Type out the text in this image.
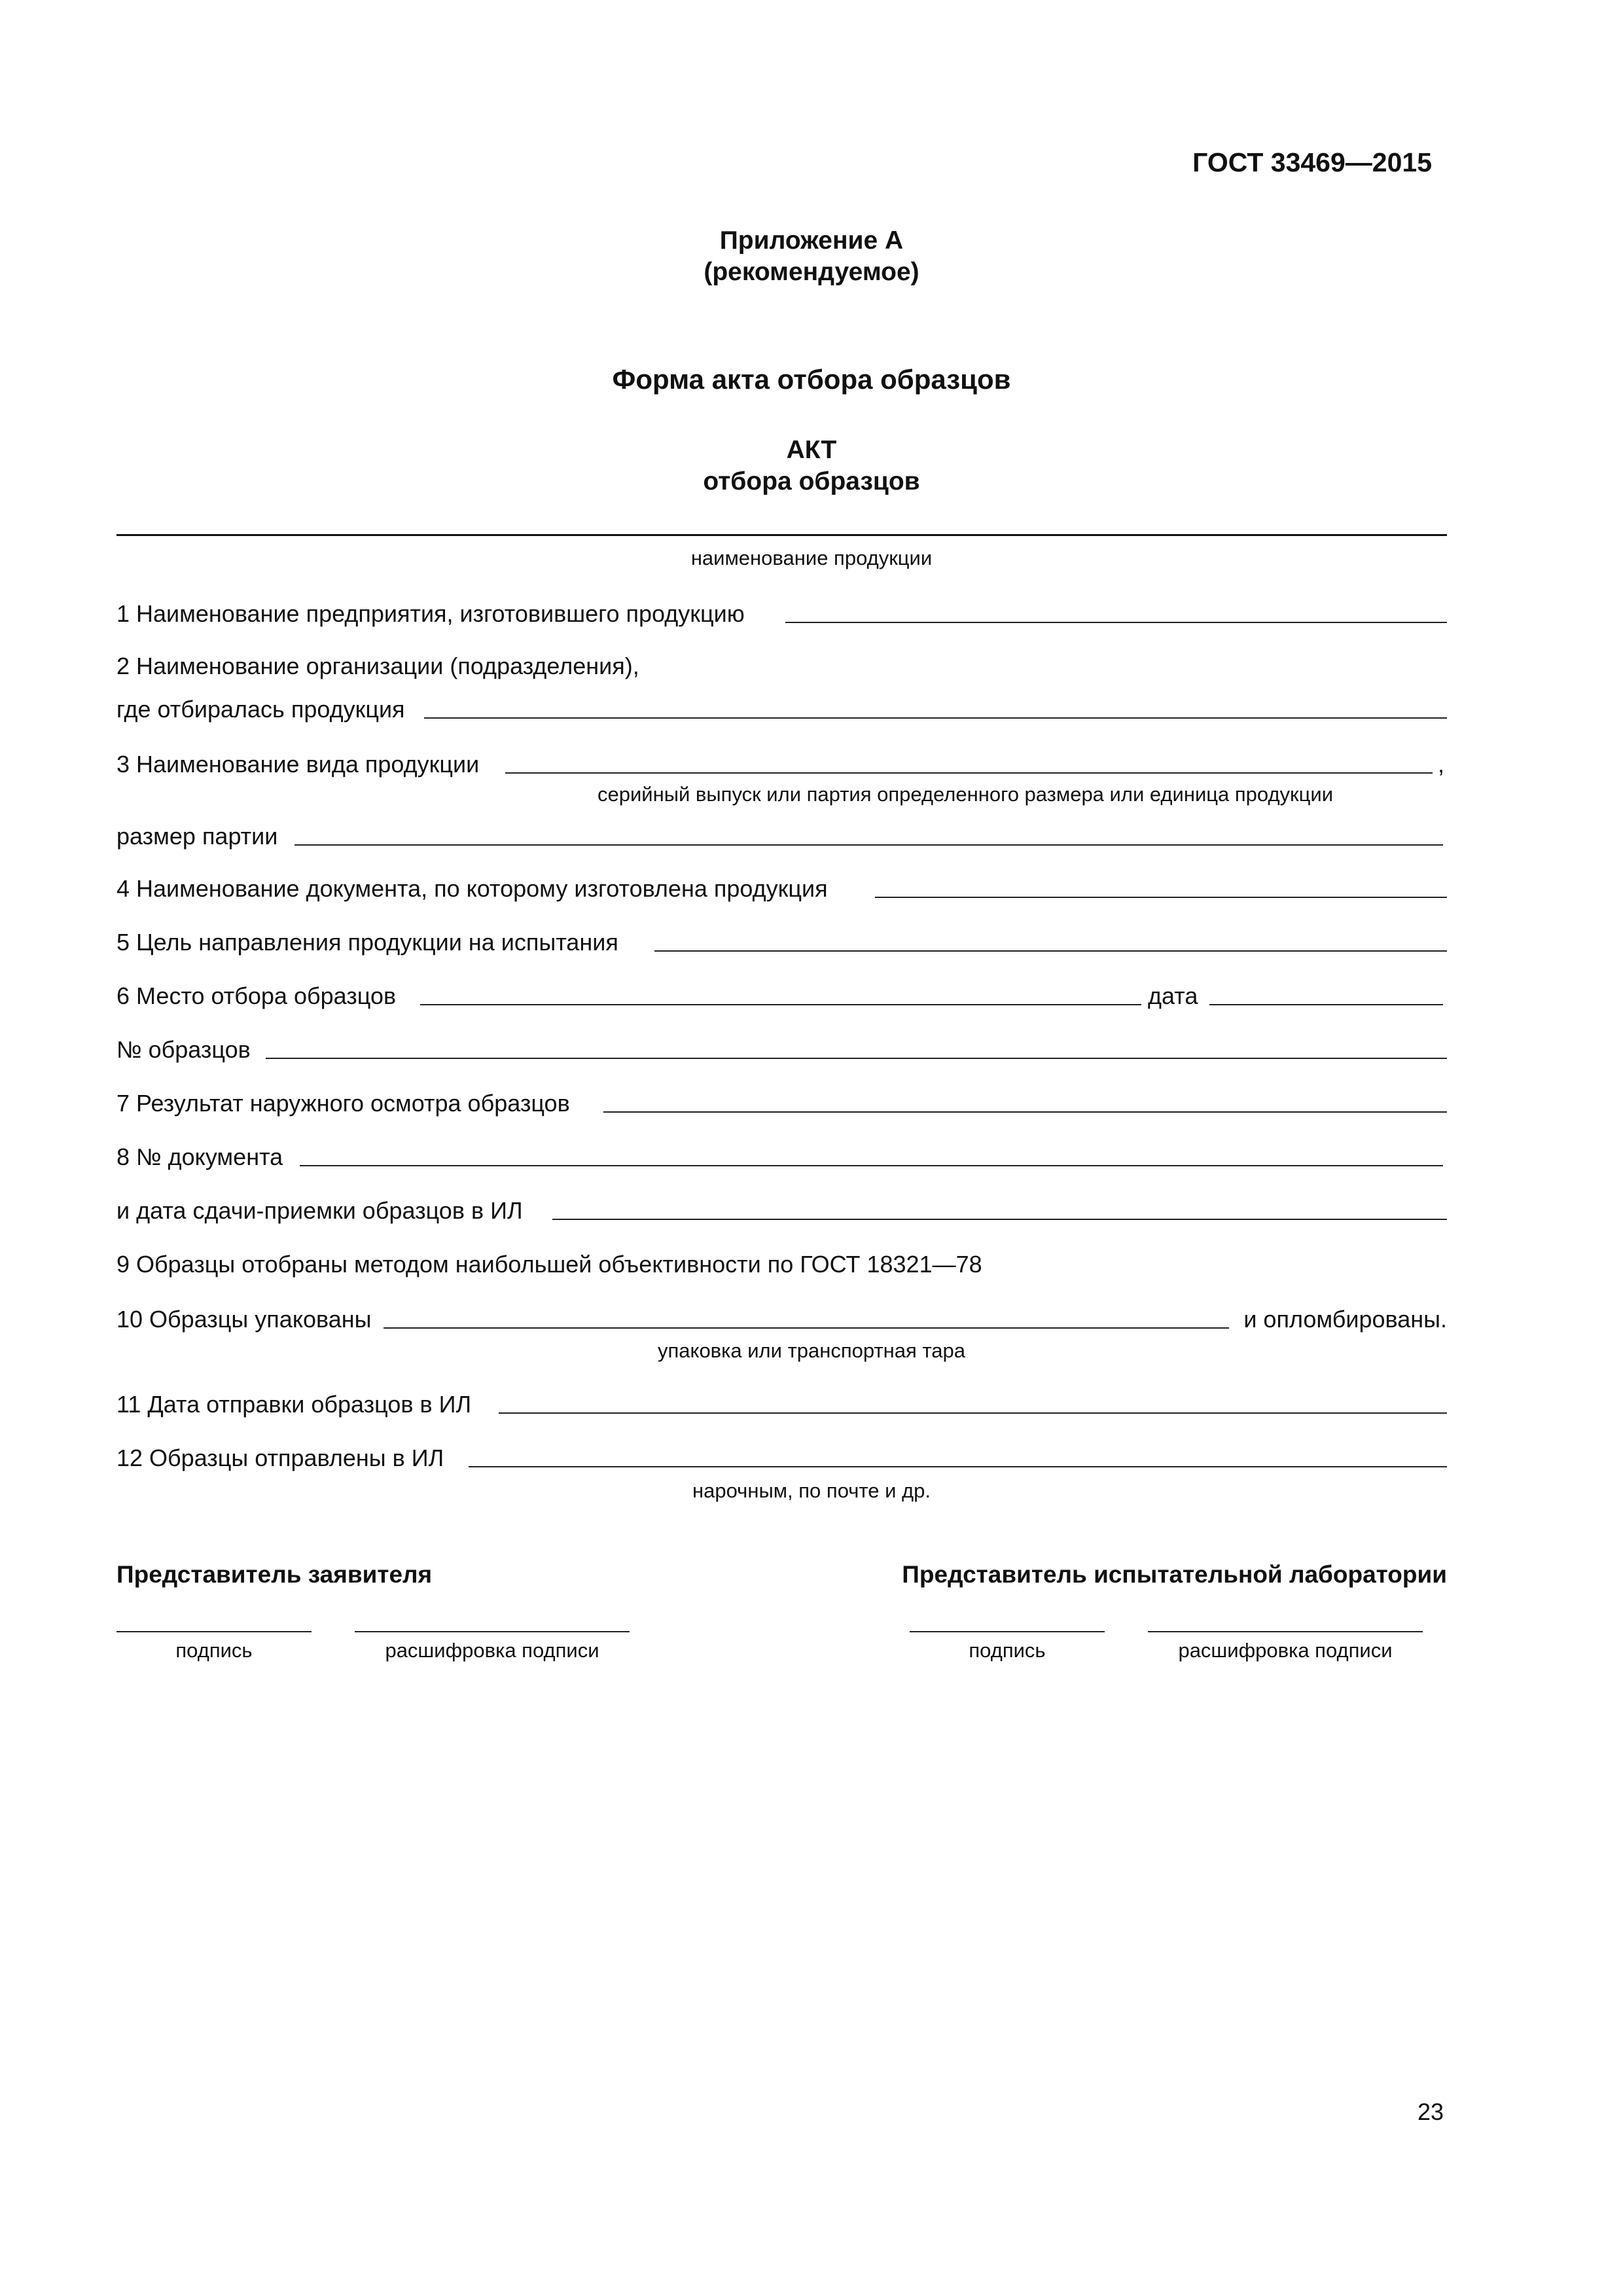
ГОСТ 33469—2015
Приложение А
(рекомендуемое)
Форма акта отбора образцов
АКТ
отбора образцов
наименование продукции
1 Наименование предприятия, изготовившего продукцию
2 Наименование организации (подразделения),
где отбиралась продукция
3 Наименование вида продукции	,
серийный выпуск или партия определенного размера или единица продукции
размер партии
4 Наименование документа, по которому изготовлена продукция
5 Цель направления продукции на испытания
6 Место отбора образцов	дата
№ образцов
7 Результат наружного осмотра образцов
8 № документа
и дата сдачи-приемки образцов в ИЛ
9 Образцы отобраны методом наибольшей объективности по ГОСТ 18321—78
10 Образцы упакованы	и опломбированы.
упаковка или транспортная тара
11 Дата отправки образцов в ИЛ
12 Образцы отправлены в ИЛ
нарочным, по почте и др.
Представитель заявителя	Представитель испытательной лаборатории
подпись	расшифровка подписи	подпись	расшифровка подписи
23
